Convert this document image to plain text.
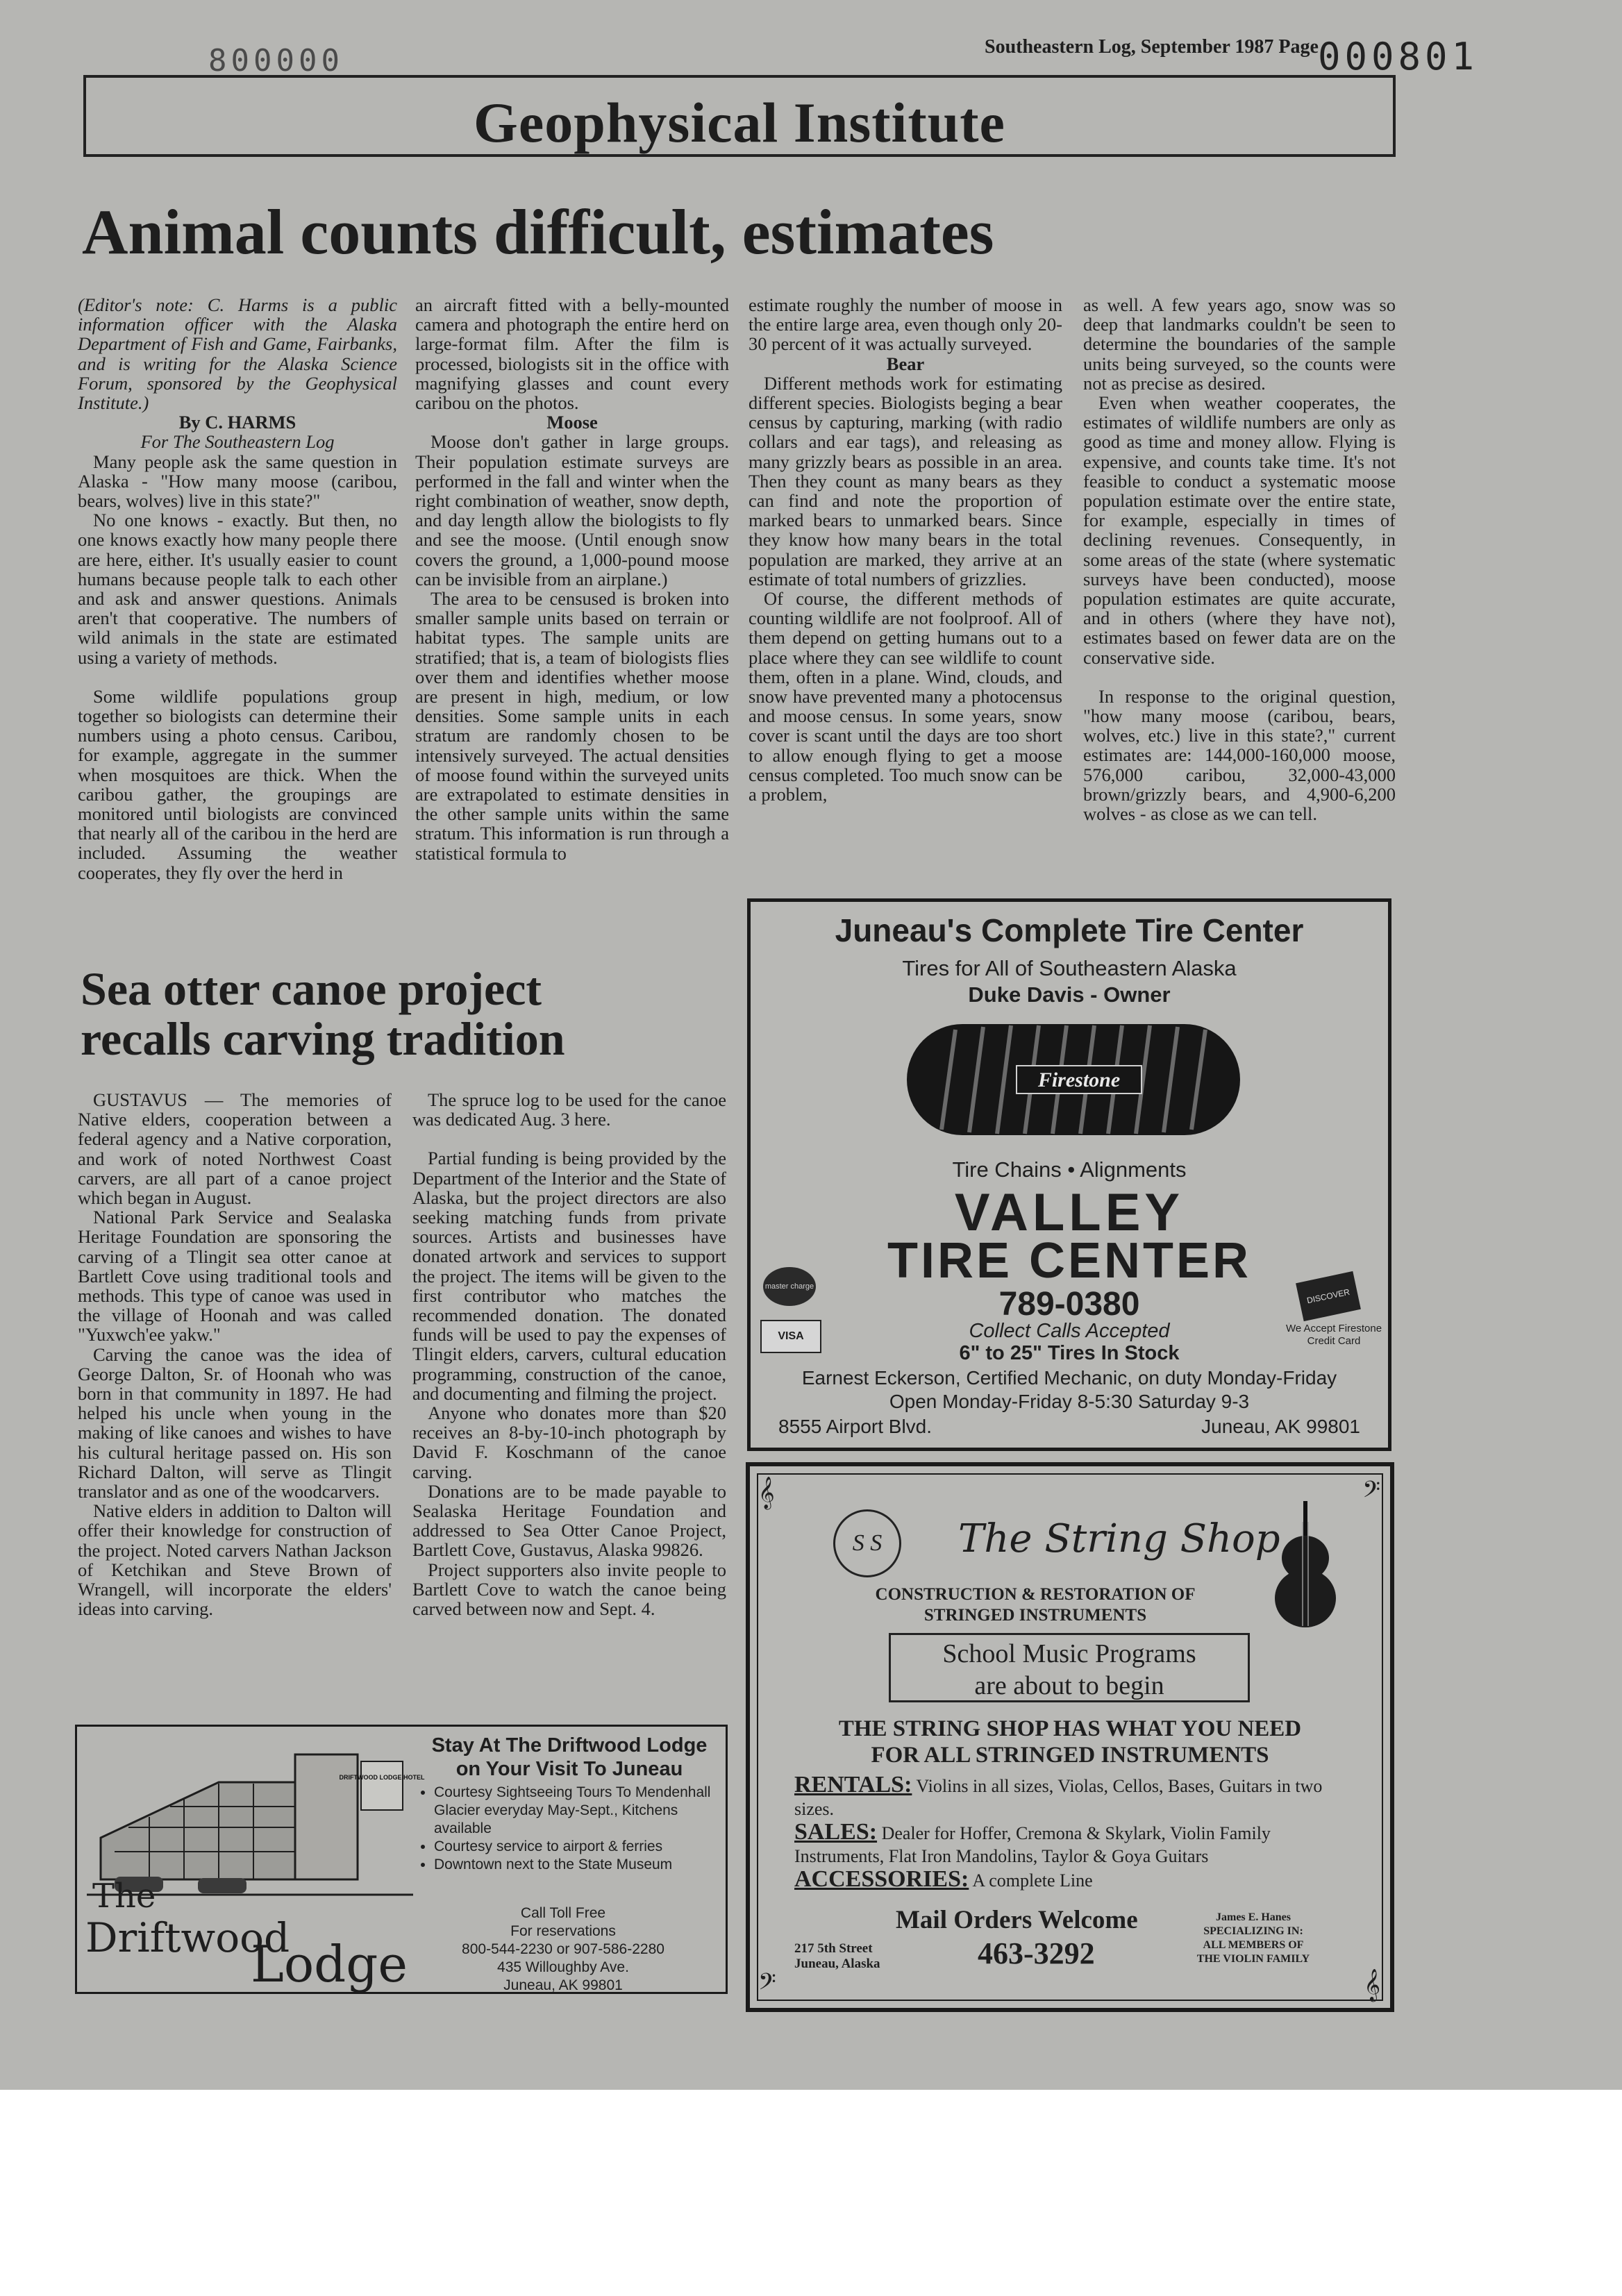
800000	Southeastern Log, September 1987 Page 000801
Geophysical Institute
Animal counts difficult, estimates

(Editor's note: C. Harms is a public information officer with the Alaska Department of Fish and Game, Fairbanks, and is writing for the Alaska Science Forum, sponsored by the Geophysical Institute.)

By C. HARMS

For The Southeastern Log

Many people ask the same question in Alaska - "How many moose (caribou, bears, wolves) live in this state?"

No one knows - exactly. But then, no one knows exactly how many people there are here, either. It's usually easier to count humans because people talk to each other and ask and answer questions. Animals aren't that cooperative. The numbers of wild animals in the state are estimated using a variety of methods.

Some wildlife populations group together so biologists can determine their numbers using a photo census. Caribou, for example, aggregate in the summer when mosquitoes are thick. When the caribou gather, the groupings are monitored until biologists are convinced that nearly all of the caribou in the herd are included. Assuming the weather cooperates, they fly over the herd in

an aircraft fitted with a belly-mounted camera and photograph the entire herd on large-format film. After the film is processed, biologists sit in the office with magnifying glasses and count every caribou on the photos.

Moose

Moose don't gather in large groups. Their population estimate surveys are performed in the fall and winter when the right combination of weather, snow depth, and day length allow the biologists to fly and see the moose. (Until enough snow covers the ground, a 1,000-pound moose can be invisible from an airplane.)

The area to be censused is broken into smaller sample units based on terrain or habitat types. The sample units are stratified; that is, a team of biologists flies over them and identifies whether moose are present in high, medium, or low densities. Some sample units in each stratum are randomly chosen to be intensively surveyed. The actual densities of moose found within the surveyed units are extrapolated to estimate densities in the other sample units within the same stratum. This information is run through a statistical formula to

estimate roughly the number of moose in the entire large area, even though only 20-30 percent of it was actually surveyed.

Bear

Different methods work for estimating different species. Biologists beging a bear census by capturing, marking (with radio collars and ear tags), and releasing as many grizzly bears as possible in an area. Then they count as many bears as they can find and note the proportion of marked bears to unmarked bears. Since they know how many bears in the total population are marked, they arrive at an estimate of total numbers of grizzlies.

Of course, the different methods of counting wildlife are not foolproof. All of them depend on getting humans out to a place where they can see wildlife to count them, often in a plane. Wind, clouds, and snow have prevented many a photocensus and moose census. In some years, snow cover is scant until the days are too short to allow enough flying to get a moose census completed. Too much snow can be a problem,

as well. A few years ago, snow was so deep that landmarks couldn't be seen to determine the boundaries of the sample units being surveyed, so the counts were not as precise as desired.

Even when weather cooperates, the estimates of wildlife numbers are only as good as time and money allow. Flying is expensive, and counts take time. It's not feasible to conduct a systematic moose population estimate over the entire state, for example, especially in times of declining revenues. Consequently, in some areas of the state (where systematic surveys have been conducted), moose population estimates are quite accurate, and in others (where they have not), estimates based on fewer data are on the conservative side.

In response to the original question, "how many moose (caribou, bears, wolves, etc.) live in this state?," current estimates are: 144,000-160,000 moose, 576,000 caribou, 32,000-43,000 brown/grizzly bears, and 4,900-6,200 wolves - as close as we can tell.

Sea otter canoe project
recalls carving tradition

GUSTAVUS — The memories of Native elders, cooperation between a federal agency and a Native corporation, and work of noted Northwest Coast carvers, are all part of a canoe project which began in August.

National Park Service and Sealaska Heritage Foundation are sponsoring the carving of a Tlingit sea otter canoe at Bartlett Cove using traditional tools and methods. This type of canoe was used in the village of Hoonah and was called "Yuxwch'ee yakw."

Carving the canoe was the idea of George Dalton, Sr. of Hoonah who was born in that community in 1897. He had helped his uncle when young in the making of like canoes and wishes to have his cultural heritage passed on. His son Richard Dalton, will serve as Tlingit translator and as one of the woodcarvers.

Native elders in addition to Dalton will offer their knowledge for construction of the project. Noted carvers Nathan Jackson of Ketchikan and Steve Brown of Wrangell, will incorporate the elders' ideas into carving.

The spruce log to be used for the canoe was dedicated Aug. 3 here.

Partial funding is being provided by the Department of the Interior and the State of Alaska, but the project directors are also seeking matching funds from private sources. Artists and businesses have donated artwork and services to support the project. The items will be given to the first contributor who matches the recommended donation. The donated funds will be used to pay the expenses of Tlingit elders, carvers, cultural education programming, construction of the canoe, and documenting and filming the project.

Anyone who donates more than $20 receives an 8-by-10-inch photograph by David F. Koschmann of the canoe carving.

Donations are to be made payable to Sealaska Heritage Foundation and addressed to Sea Otter Canoe Project, Bartlett Cove, Gustavus, Alaska 99826.

Project supporters also invite people to Bartlett Cove to watch the canoe being carved between now and Sept. 4.

Juneau's Complete Tire Center
Tires for All of Southeastern Alaska
Duke Davis - Owner
Firestone
Tire Chains • Alignments
VALLEY
TIRE CENTER
789-0380
Collect Calls Accepted
6" to 25" Tires In Stock
Earnest Eckerson, Certified Mechanic, on duty Monday-Friday
Open Monday-Friday 8-5:30 Saturday 9-3
8555 Airport Blvd.	Juneau, AK 99801
master charge
VISA
DISCOVER
We Accept Firestone Credit Card
𝄞	𝄢
𝄢	𝄞
S S	The String Shop
CONSTRUCTION & RESTORATION OF STRINGED INSTRUMENTS
School Music Programs
are about to begin
THE STRING SHOP HAS WHAT YOU NEED
FOR ALL STRINGED INSTRUMENTS
RENTALS: Violins in all sizes, Violas, Cellos, Bases, Guitars in two sizes.
SALES: Dealer for Hoffer, Cremona & Skylark, Violin Family Instruments, Flat Iron Mandolins, Taylor & Goya Guitars
ACCESSORIES: A complete Line
Mail Orders Welcome
217 5th Street
Juneau, Alaska	463-3292
James E. Hanes
SPECIALIZING IN:
ALL MEMBERS OF
THE VIOLIN FAMILY
DRIFTWOOD LODGE HOTEL
The
Driftwood
Lodge
Stay At The Driftwood Lodge
on Your Visit To Juneau
• Courtesy Sightseeing Tours To Mendenhall Glacier everyday May-Sept., Kitchens available
• Courtesy service to airport & ferries
• Downtown next to the State Museum
Call Toll Free
For reservations
800-544-2230 or 907-586-2280
435 Willoughby Ave.
Juneau, AK 99801
